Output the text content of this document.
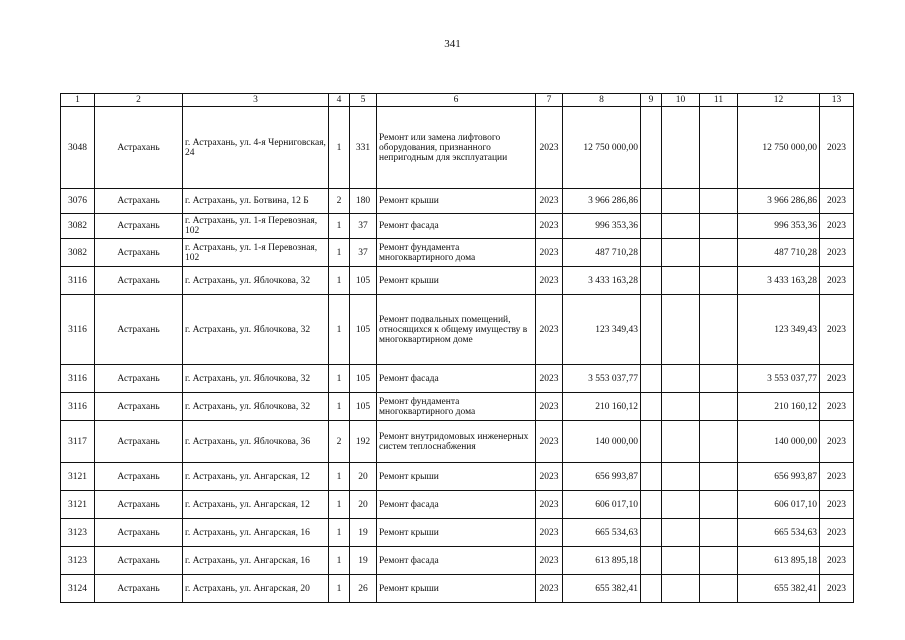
341
1	2	3	4	5	6	7	8	9	10	11	12	13
3048	Астрахань	г. Астрахань, ул. 4-я Черниговская, 24	1	331	Ремонт или замена лифтового оборудования, признанного непригодным для эксплуатации	2023	12 750 000,00				12 750 000,00	2023
3076	Астрахань	г. Астрахань, ул. Ботвина, 12 Б	2	180	Ремонт крыши	2023	3 966 286,86				3 966 286,86	2023
3082	Астрахань	г. Астрахань, ул. 1-я Перевозная, 102	1	37	Ремонт фасада	2023	996 353,36				996 353,36	2023
3082	Астрахань	г. Астрахань, ул. 1-я Перевозная, 102	1	37	Ремонт фундамента многоквартирного дома	2023	487 710,28				487 710,28	2023
3116	Астрахань	г. Астрахань, ул. Яблочкова, 32	1	105	Ремонт крыши	2023	3 433 163,28				3 433 163,28	2023
3116	Астрахань	г. Астрахань, ул. Яблочкова, 32	1	105	Ремонт подвальных помещений, относящихся к общему имуществу в многоквартирном доме	2023	123 349,43				123 349,43	2023
3116	Астрахань	г. Астрахань, ул. Яблочкова, 32	1	105	Ремонт фасада	2023	3 553 037,77				3 553 037,77	2023
3116	Астрахань	г. Астрахань, ул. Яблочкова, 32	1	105	Ремонт фундамента многоквартирного дома	2023	210 160,12				210 160,12	2023
3117	Астрахань	г. Астрахань, ул. Яблочкова, 36	2	192	Ремонт внутридомовых инженерных систем теплоснабжения	2023	140 000,00				140 000,00	2023
3121	Астрахань	г. Астрахань, ул. Ангарская, 12	1	20	Ремонт крыши	2023	656 993,87				656 993,87	2023
3121	Астрахань	г. Астрахань, ул. Ангарская, 12	1	20	Ремонт фасада	2023	606 017,10				606 017,10	2023
3123	Астрахань	г. Астрахань, ул. Ангарская, 16	1	19	Ремонт крыши	2023	665 534,63				665 534,63	2023
3123	Астрахань	г. Астрахань, ул. Ангарская, 16	1	19	Ремонт фасада	2023	613 895,18				613 895,18	2023
3124	Астрахань	г. Астрахань, ул. Ангарская, 20	1	26	Ремонт крыши	2023	655 382,41				655 382,41	2023
